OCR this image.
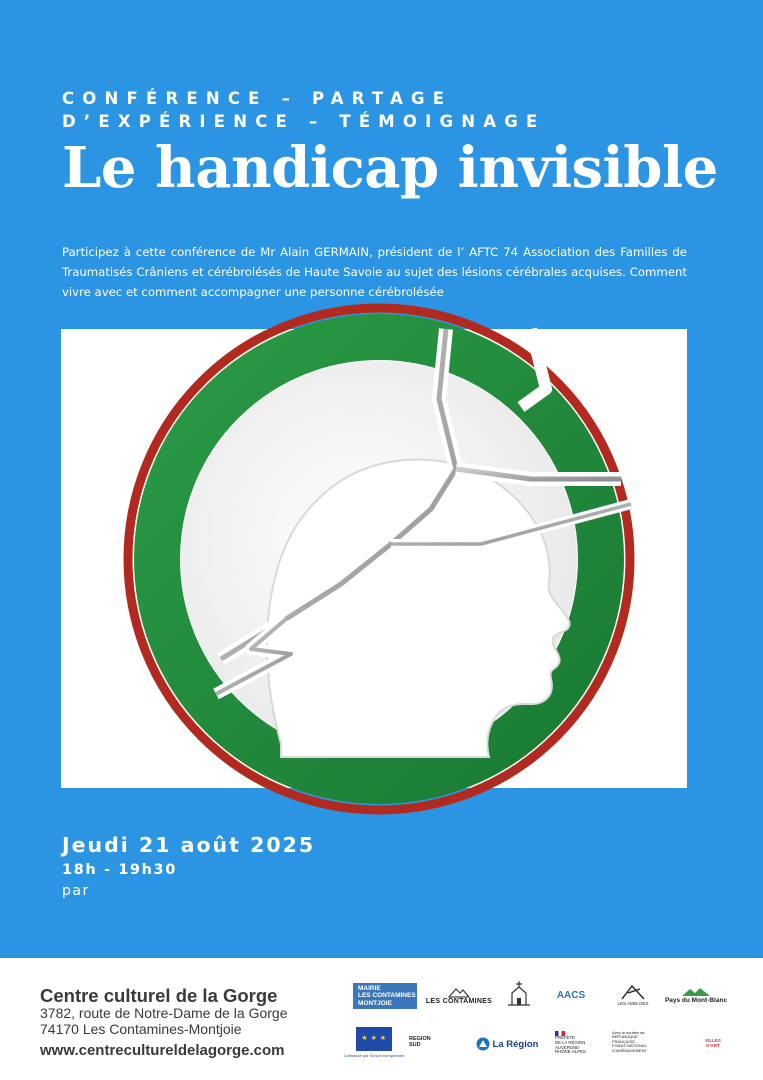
CONFÉRENCE – PARTAGE
D’EXPÉRIENCE – TÉMOIGNAGE
Le handicap invisible

Participez à cette conférence de Mr Alain GERMAIN, président de l’ AFTC 74 Association des Familles de Traumatisés Crâniens et cérébrolésés de Haute Savoie au sujet des lésions cérébrales acquises. Comment vivre avec et comment accompagner une personne cérébrolésée

Jeudi 21 août 2025
18h - 19h30
par
Centre culturel de la Gorge
3782, route de Notre-Dame de la Gorge
74170 Les Contamines-Montjoie
www.centrecultureldelagorge.com
MAIRIE
LES CONTAMINES
MONTJOIE	LES CONTAMINES
AACS
LES AMIS DES	Pays du Mont-Blanc
★ ★ ★
Cofinancé par l'Union européenne
REGION
SUD	La Région
PRÉFÈTE
DE LA RÉGION
AUVERGNE-
RHÔNE-ALPES
Avec le soutien de
RÉPUBLIQUE
FRANÇAISE
FONDS NATIONAL
D'AMÉNAGEMENT
VILLES
D'ART
